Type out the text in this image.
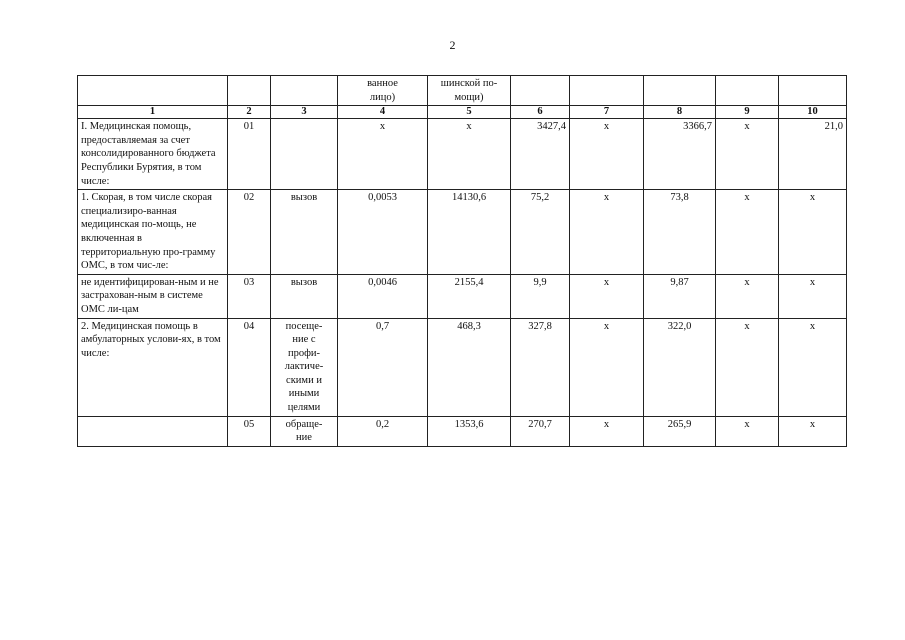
2

			ванное лицо)	шинской по-мощи)					

1	2	3	4	5	6	7	8	9	10
I. Медицинская помощь, предоставляемая за счет консолидированного бюджета Республики Бурятия, в том числе:	01		x	x	3427,4	x	3366,7	x	21,0
1. Скорая, в том числе скорая специализиро-ванная медицинская по-мощь, не включенная в территориальную про-грамму ОМС, в том чис-ле:	02	вызов	0,0053	14130,6	75,2	x	73,8	x	x
не идентифицирован-ным и не застрахован-ным в системе ОМС ли-цам	03	вызов	0,0046	2155,4	9,9	x	9,87	x	x
2. Медицинская помощь в амбулаторных услови-ях, в том числе:	04	посеще-ние с профи-лактиче-скими и иными целями	0,7	468,3	327,8	x	322,0	x	x
	05	обраще-ние	0,2	1353,6	270,7	x	265,9	x	x
